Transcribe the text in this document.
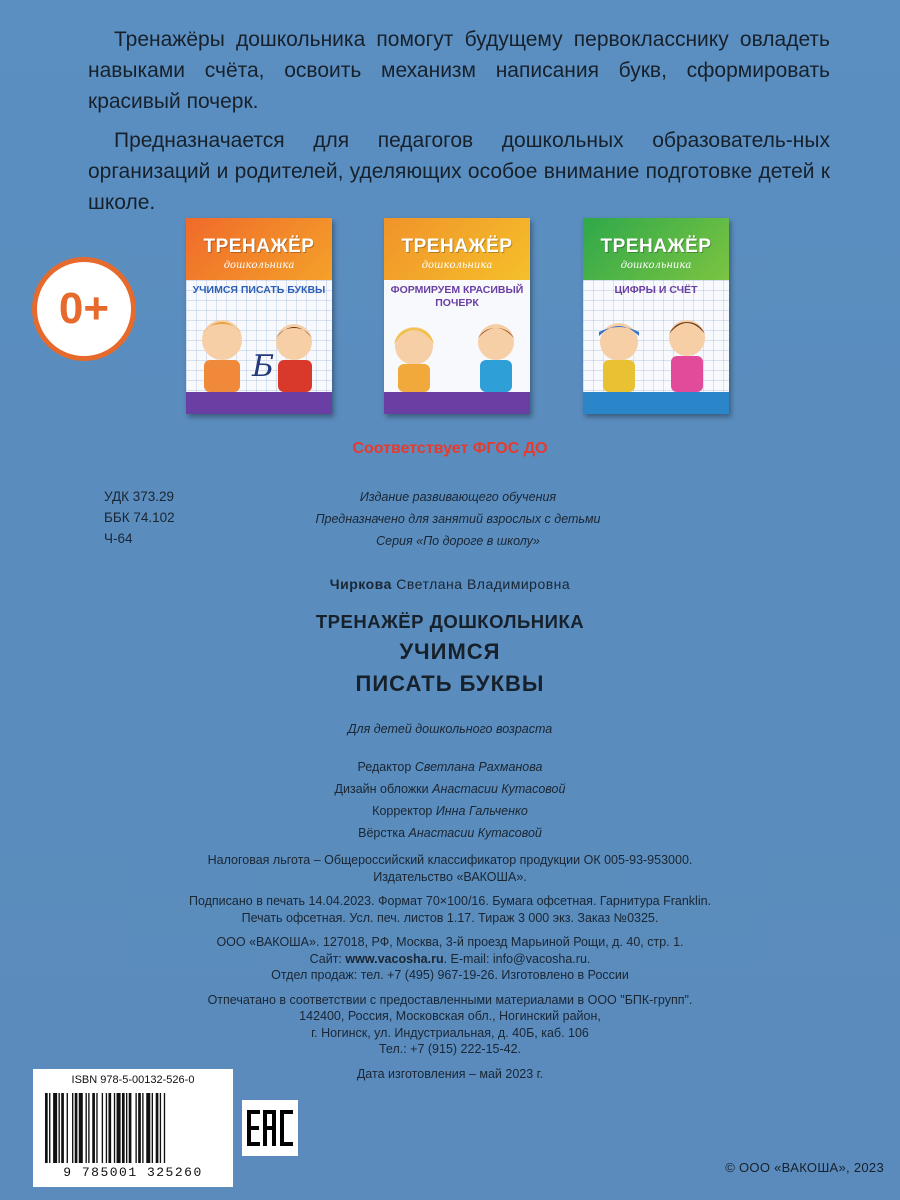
Тренажёры дошкольника помогут будущему первокласснику овладеть навыками счёта, освоить механизм написания букв, сформировать красивый почерк.

Предназначается для педагогов дошкольных образователь-ных организаций и родителей, уделяющих особое внимание подготовке детей к школе.

0+
ТРЕНАЖЁР
дошкольника
УЧИМСЯ ПИСАТЬ БУКВЫ
Б
ТРЕНАЖЁР
дошкольника
ФОРМИРУЕМ КРАСИВЫЙ ПОЧЕРК
ТРЕНАЖЁР
дошкольника
ЦИФРЫ И СЧЁТ
Соответствует ФГОС ДО
УДК 373.29
ББК 74.102
Ч-64
Издание развивающего обучения
Предназначено для занятий взрослых с детьми
Серия «По дороге в школу»
Чиркова Светлана Владимировна
ТРЕНАЖЁР ДОШКОЛЬНИКА
УЧИМСЯ
ПИСАТЬ БУКВЫ
Для детей дошкольного возраста
Редактор Светлана Рахманова
Дизайн обложки Анастасии Кутасовой
Корректор Инна Гальченко
Вёрстка Анастасии Кутасовой
Налоговая льгота – Общероссийский классификатор продукции ОК 005-93-953000.
Издательство «ВАКОША».
Подписано в печать 14.04.2023. Формат 70×100/16. Бумага офсетная. Гарнитура Franklin.
Печать офсетная. Усл. печ. листов 1.17. Тираж 3 000 экз. Заказ №0325.
ООО «ВАКОША». 127018, РФ, Москва, 3-й проезд Марьиной Рощи, д. 40, стр. 1.
Сайт: www.vacosha.ru. E-mail: info@vacosha.ru.
Отдел продаж: тел. +7 (495) 967-19-26. Изготовлено в России
Отпечатано в соответствии с предоставленными материалами в ООО "БПК-групп".
142400, Россия, Московская обл., Ногинский район,
г. Ногинск, ул. Индустриальная, д. 40Б, каб. 106
Тел.: +7 (915) 222-15-42.
Дата изготовления – май 2023 г.
ISBN 978-5-00132-526-0
9 785001 325260	© ООО «ВАКОША», 2023
